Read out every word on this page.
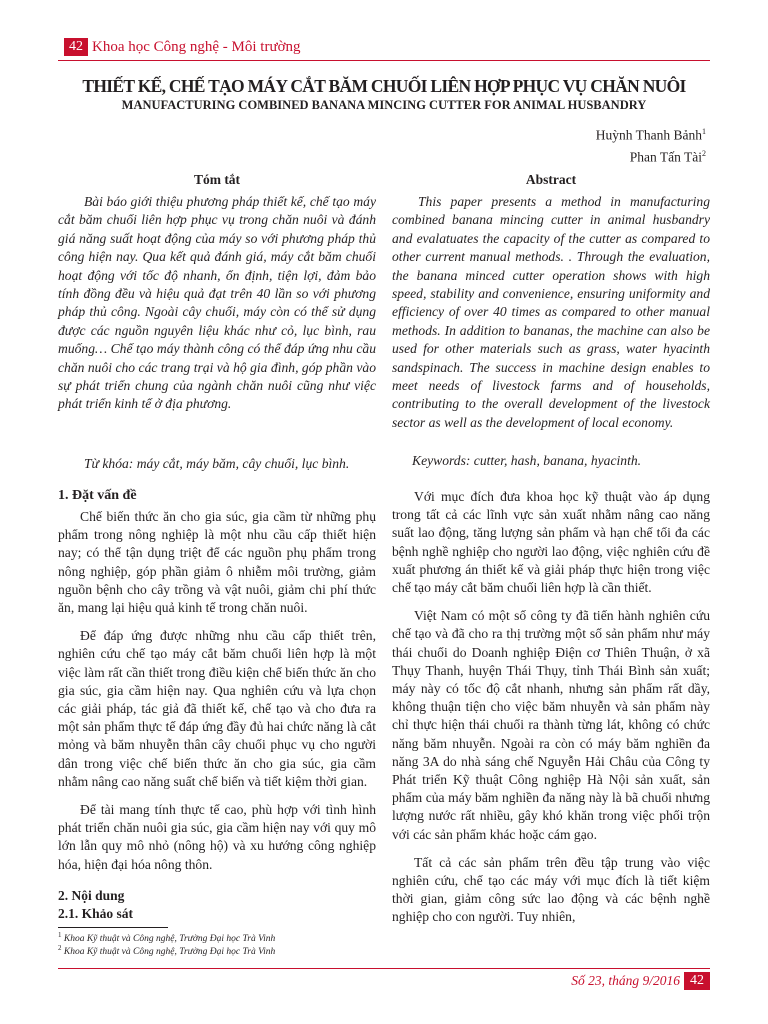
42 Khoa học Công nghệ - Môi trường
THIẾT KẾ, CHẾ TẠO MÁY CẮT BĂM CHUỐI LIÊN HỢP PHỤC VỤ CHĂN NUÔI
MANUFACTURING COMBINED BANANA MINCING CUTTER FOR ANIMAL HUSBANDRY
Huỳnh Thanh Bảnh$^1$
Phan Tấn Tài$^2$
Tóm tắt

Bài báo giới thiệu phương pháp thiết kế, chế tạo máy cắt băm chuối liên hợp phục vụ trong chăn nuôi và đánh giá năng suất hoạt động của máy so với phương pháp thủ công hiện nay. Qua kết quả đánh giá, máy cắt băm chuối hoạt động với tốc độ nhanh, ổn định, tiện lợi, đảm bảo tính đồng đều và hiệu quả đạt trên 40 lần so với phương pháp thủ công. Ngoài cây chuối, máy còn có thể sử dụng được các nguồn nguyên liệu khác như cỏ, lục bình, rau muống… Chế tạo máy thành công có thể đáp ứng nhu cầu chăn nuôi cho các trang trại và hộ gia đình, góp phần vào sự phát triển chung của ngành chăn nuôi cũng như việc phát triển kinh tế ở địa phương.

Từ khóa: máy cắt, máy băm, cây chuối, lục bình.
Abstract

This paper presents a method in manufacturing combined banana mincing cutter in animal husbandry and evalatuates the capacity of the cutter as compared to other current manual methods. . Through the evaluation, the banana minced cutter operation shows with high speed, stability and convenience, ensuring uniformity and efficiency of over 40 times as compared to other manual methods. In addition to bananas, the machine can also be used for other materials such as grass, water hyacinth sandspinach. The success in machine design enables to meet needs of livestock farms and of households, contributing to the overall development of the livestock sector as well as the development of local economy.

Keywords: cutter, hash, banana, hyacinth.
1. Đặt vấn đề

Chế biến thức ăn cho gia súc, gia cầm từ những phụ phẩm trong nông nghiệp là một nhu cầu cấp thiết hiện nay; có thể tận dụng triệt để các nguồn phụ phẩm trong nông nghiệp, góp phần giảm ô nhiễm môi trường, giảm nguồn bệnh cho cây trồng và vật nuôi, giảm chi phí thức ăn, mang lại hiệu quả kinh tế trong chăn nuôi.

Để đáp ứng được những nhu cầu cấp thiết trên, nghiên cứu chế tạo máy cắt băm chuối liên hợp là một việc làm rất cần thiết trong điều kiện chế biến thức ăn cho gia súc, gia cầm hiện nay. Qua nghiên cứu và lựa chọn các giải pháp, tác giả đã thiết kế, chế tạo và cho đưa ra một sản phẩm thực tế đáp ứng đầy đủ hai chức năng là cắt mỏng và băm nhuyễn thân cây chuối phục vụ cho người dân trong việc chế biến thức ăn cho gia súc, gia cầm nhằm nâng cao năng suất chế biến và tiết kiệm thời gian.

Để tài mang tính thực tế cao, phù hợp với tình hình phát triển chăn nuôi gia súc, gia cầm hiện nay với quy mô lớn lẫn quy mô nhỏ (nông hộ) và xu hướng công nghiệp hóa, hiện đại hóa nông thôn.

2. Nội dung
2.1. Khảo sát
$^1$ Khoa Kỹ thuật và Công nghệ, Trường Đại học Trà Vinh
$^2$ Khoa Kỹ thuật và Công nghệ, Trường Đại học Trà Vinh

Với mục đích đưa khoa học kỹ thuật vào áp dụng trong tất cả các lĩnh vực sản xuất nhằm nâng cao năng suất lao động, tăng lượng sản phẩm và hạn chế tối đa các bệnh nghề nghiệp cho người lao động, việc nghiên cứu đề xuất phương án thiết kế và giải pháp thực hiện trong việc chế tạo máy cắt băm chuối liên hợp là cần thiết.

Việt Nam có một số công ty đã tiến hành nghiên cứu chế tạo và đã cho ra thị trường một số sản phẩm như máy thái chuối do Doanh nghiệp Điện cơ Thiên Thuận, ở xã Thụy Thanh, huyện Thái Thụy, tỉnh Thái Bình sản xuất; máy này có tốc độ cắt nhanh, nhưng sản phẩm rất dầy, không thuận tiện cho việc băm nhuyễn và sản phẩm này chỉ thực hiện thái chuối ra thành từng lát, không có chức năng băm nhuyễn. Ngoài ra còn có máy băm nghiền đa năng 3A do nhà sáng chế Nguyễn Hải Châu của Công ty Phát triển Kỹ thuật Công nghiệp Hà Nội sản xuất, sản phẩm của máy băm nghiền đa năng này là bã chuối nhưng lượng nước rất nhiều, gây khó khăn trong việc phối trộn với các sản phẩm khác hoặc cám gạo.

Tất cả các sản phẩm trên đều tập trung vào việc nghiên cứu, chế tạo các máy với mục đích là tiết kiệm thời gian, giảm công sức lao động và các bệnh nghề nghiệp cho con người. Tuy nhiên,

Số 23, tháng 9/2016 42
